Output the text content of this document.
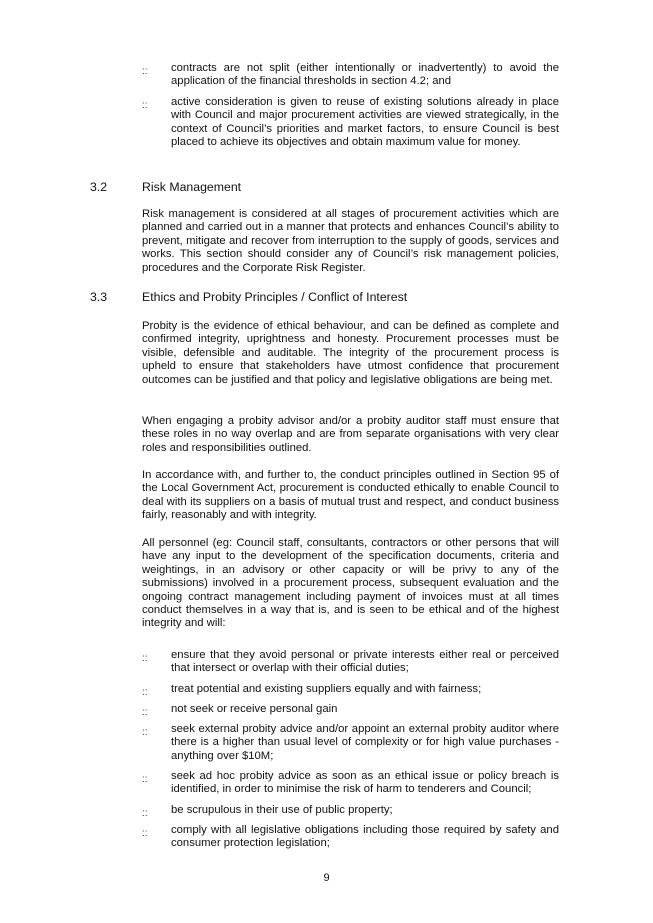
:: contracts are not split (either intentionally or inadvertently) to avoid the application of the financial thresholds in section 4.2; and
:: active consideration is given to reuse of existing solutions already in place with Council and major procurement activities are viewed strategically, in the context of Council’s priorities and market factors, to ensure Council is best placed to achieve its objectives and obtain maximum value for money.
3.2	Risk Management
Risk management is considered at all stages of procurement activities which are planned and carried out in a manner that protects and enhances Council’s ability to prevent, mitigate and recover from interruption to the supply of goods, services and works. This section should consider any of Council’s risk management policies, procedures and the Corporate Risk Register.
3.3	Ethics and Probity Principles / Conflict of Interest
Probity is the evidence of ethical behaviour, and can be defined as complete and confirmed integrity, uprightness and honesty. Procurement processes must be visible, defensible and auditable. The integrity of the procurement process is upheld to ensure that stakeholders have utmost confidence that procurement outcomes can be justified and that policy and legislative obligations are being met.
When engaging a probity advisor and/or a probity auditor staff must ensure that these roles in no way overlap and are from separate organisations with very clear roles and responsibilities outlined.
In accordance with, and further to, the conduct principles outlined in Section 95 of the Local Government Act, procurement is conducted ethically to enable Council to deal with its suppliers on a basis of mutual trust and respect, and conduct business fairly, reasonably and with integrity.
All personnel (eg: Council staff, consultants, contractors or other persons that will have any input to the development of the specification documents, criteria and weightings, in an advisory or other capacity or will be privy to any of the submissions) involved in a procurement process, subsequent evaluation and the ongoing contract management including payment of invoices must at all times conduct themselves in a way that is, and is seen to be ethical and of the highest integrity and will:
:: ensure that they avoid personal or private interests either real or perceived that intersect or overlap with their official duties;
:: treat potential and existing suppliers equally and with fairness;
:: not seek or receive personal gain
:: seek external probity advice and/or appoint an external probity auditor where there is a higher than usual level of complexity or for high value purchases - anything over $10M;
:: seek ad hoc probity advice as soon as an ethical issue or policy breach is identified, in order to minimise the risk of harm to tenderers and Council;
:: be scrupulous in their use of public property;
:: comply with all legislative obligations including those required by safety and consumer protection legislation;
9
